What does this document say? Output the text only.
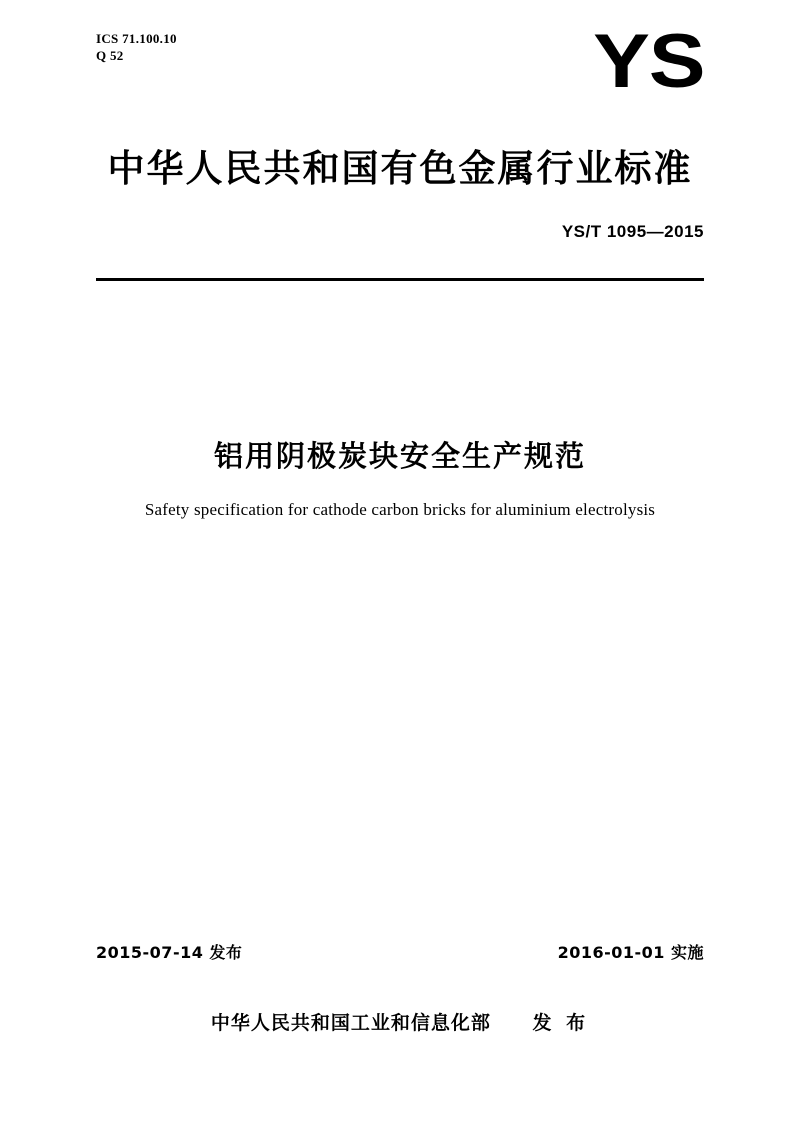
ICS 71.100.10
Q 52	YS
中华人民共和国有色金属行业标准
YS/T 1095—2015
铝用阴极炭块安全生产规范
Safety specification for cathode carbon bricks for aluminium electrolysis
2015-07-14 发布	2016-01-01 实施
中华人民共和国工业和信息化部 发 布
